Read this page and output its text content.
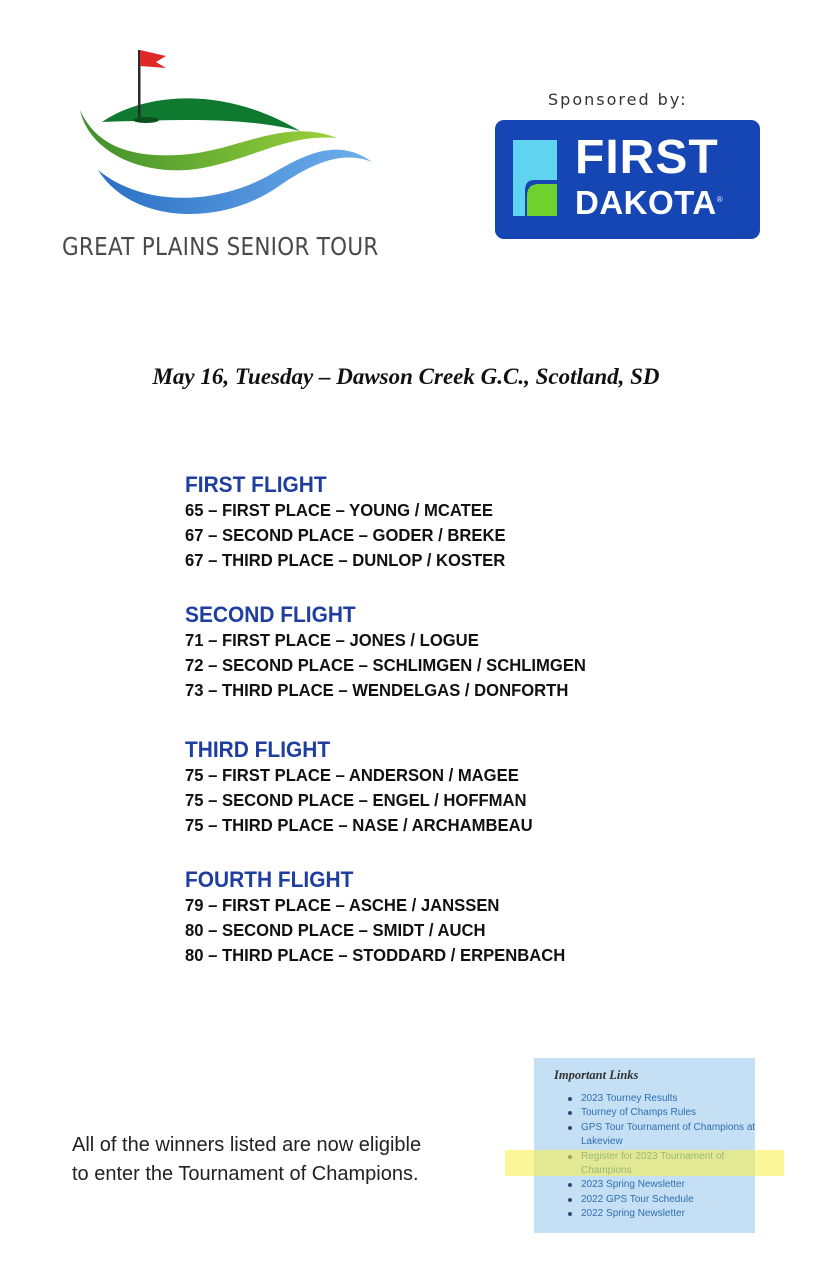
GREAT PLAINS SENIOR TOUR
Sponsored by:
FIRST
DAKOTA®
May 16, Tuesday – Dawson Creek G.C., Scotland, SD
FIRST FLIGHT
65 – FIRST PLACE – YOUNG / MCATEE
67 – SECOND PLACE – GODER / BREKE
67 – THIRD PLACE – DUNLOP / KOSTER
SECOND FLIGHT
71 – FIRST PLACE – JONES / LOGUE
72 – SECOND PLACE – SCHLIMGEN / SCHLIMGEN
73 – THIRD PLACE – WENDELGAS / DONFORTH
THIRD FLIGHT
75 – FIRST PLACE – ANDERSON / MAGEE
75 – SECOND PLACE – ENGEL / HOFFMAN
75 – THIRD PLACE – NASE / ARCHAMBEAU
FOURTH FLIGHT
79 – FIRST PLACE – ASCHE / JANSSEN
80 – SECOND PLACE – SMIDT / AUCH
80 – THIRD PLACE – STODDARD / ERPENBACH
All of the winners listed are now eligible
to enter the Tournament of Champions.
Important Links
2023 Tourney Results
Tourney of Champs Rules
GPS Tour Tournament of Champions at Lakeview
2023 Spring Newsletter
2022 GPS Tour Schedule
2022 Spring Newsletter
